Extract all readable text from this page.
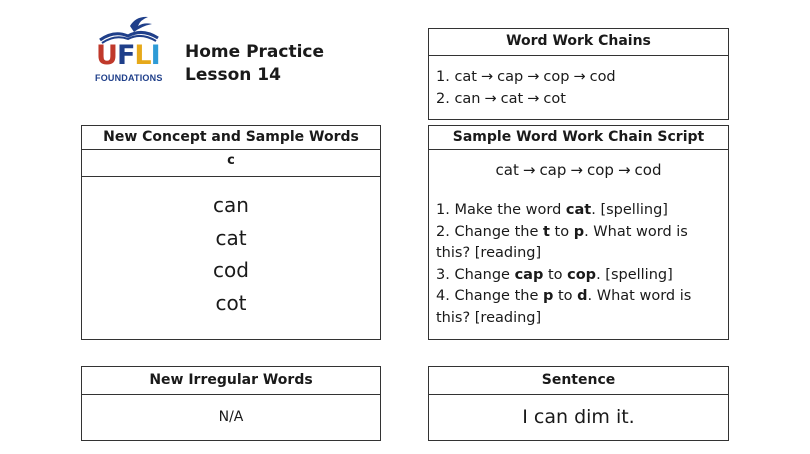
UFLI
FOUNDATIONS
Home Practice
Lesson 14
New Concept and Sample Words
c
can
cat
cod
cot
Word Work Chains
1. cat → cap → cop → cod
2. can → cat → cot
Sample Word Work Chain Script
cat → cap → cop → cod
1. Make the word cat. [spelling]
2. Change the t to p. What word is this? [reading]
3. Change cap to cop. [spelling]
4. Change the p to d. What word is this? [reading]
New Irregular Words
N/A
Sentence
I can dim it.
